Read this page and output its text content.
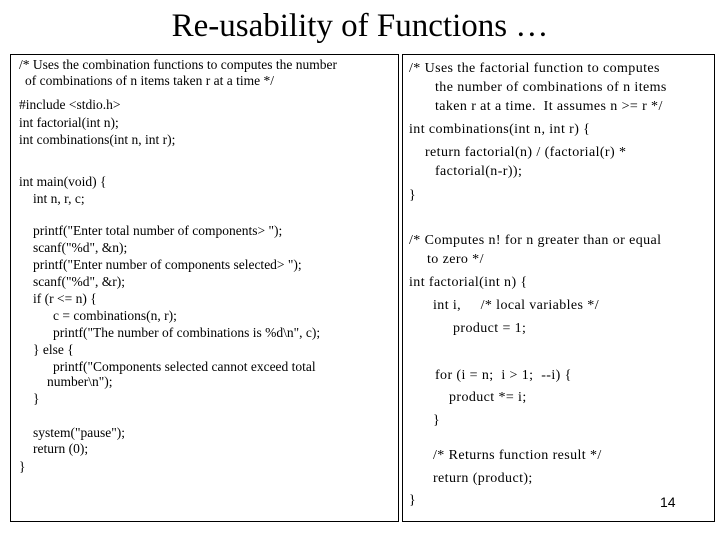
Re-usability of Functions …
/* Uses the combination functions to computes the number
of combinations of n items taken r at a time */
#include <stdio.h>
int factorial(int n);
int combinations(int n, int r);
int main(void) {
int n, r, c;
printf("Enter total number of components> ");
scanf("%d", &n);
printf("Enter number of components selected> ");
scanf("%d", &r);
if (r <= n) {
c = combinations(n, r);
printf("The number of combinations is %d\n", c);
} else {
printf("Components selected cannot exceed total
number\n");
}
system("pause");
return (0);
}
/* Uses the factorial function to computes
the number of combinations of n items
taken r at a time.  It assumes n >= r */
int combinations(int n, int r) {
return factorial(n) / (factorial(r) *
factorial(n-r));
}
/* Computes n! for n greater than or equal
to zero */
int factorial(int n) {
int i,     /* local variables */
product = 1;
for (i = n;  i > 1;  --i) {
product *= i;
}
/* Returns function result */
return (product);
}	14
